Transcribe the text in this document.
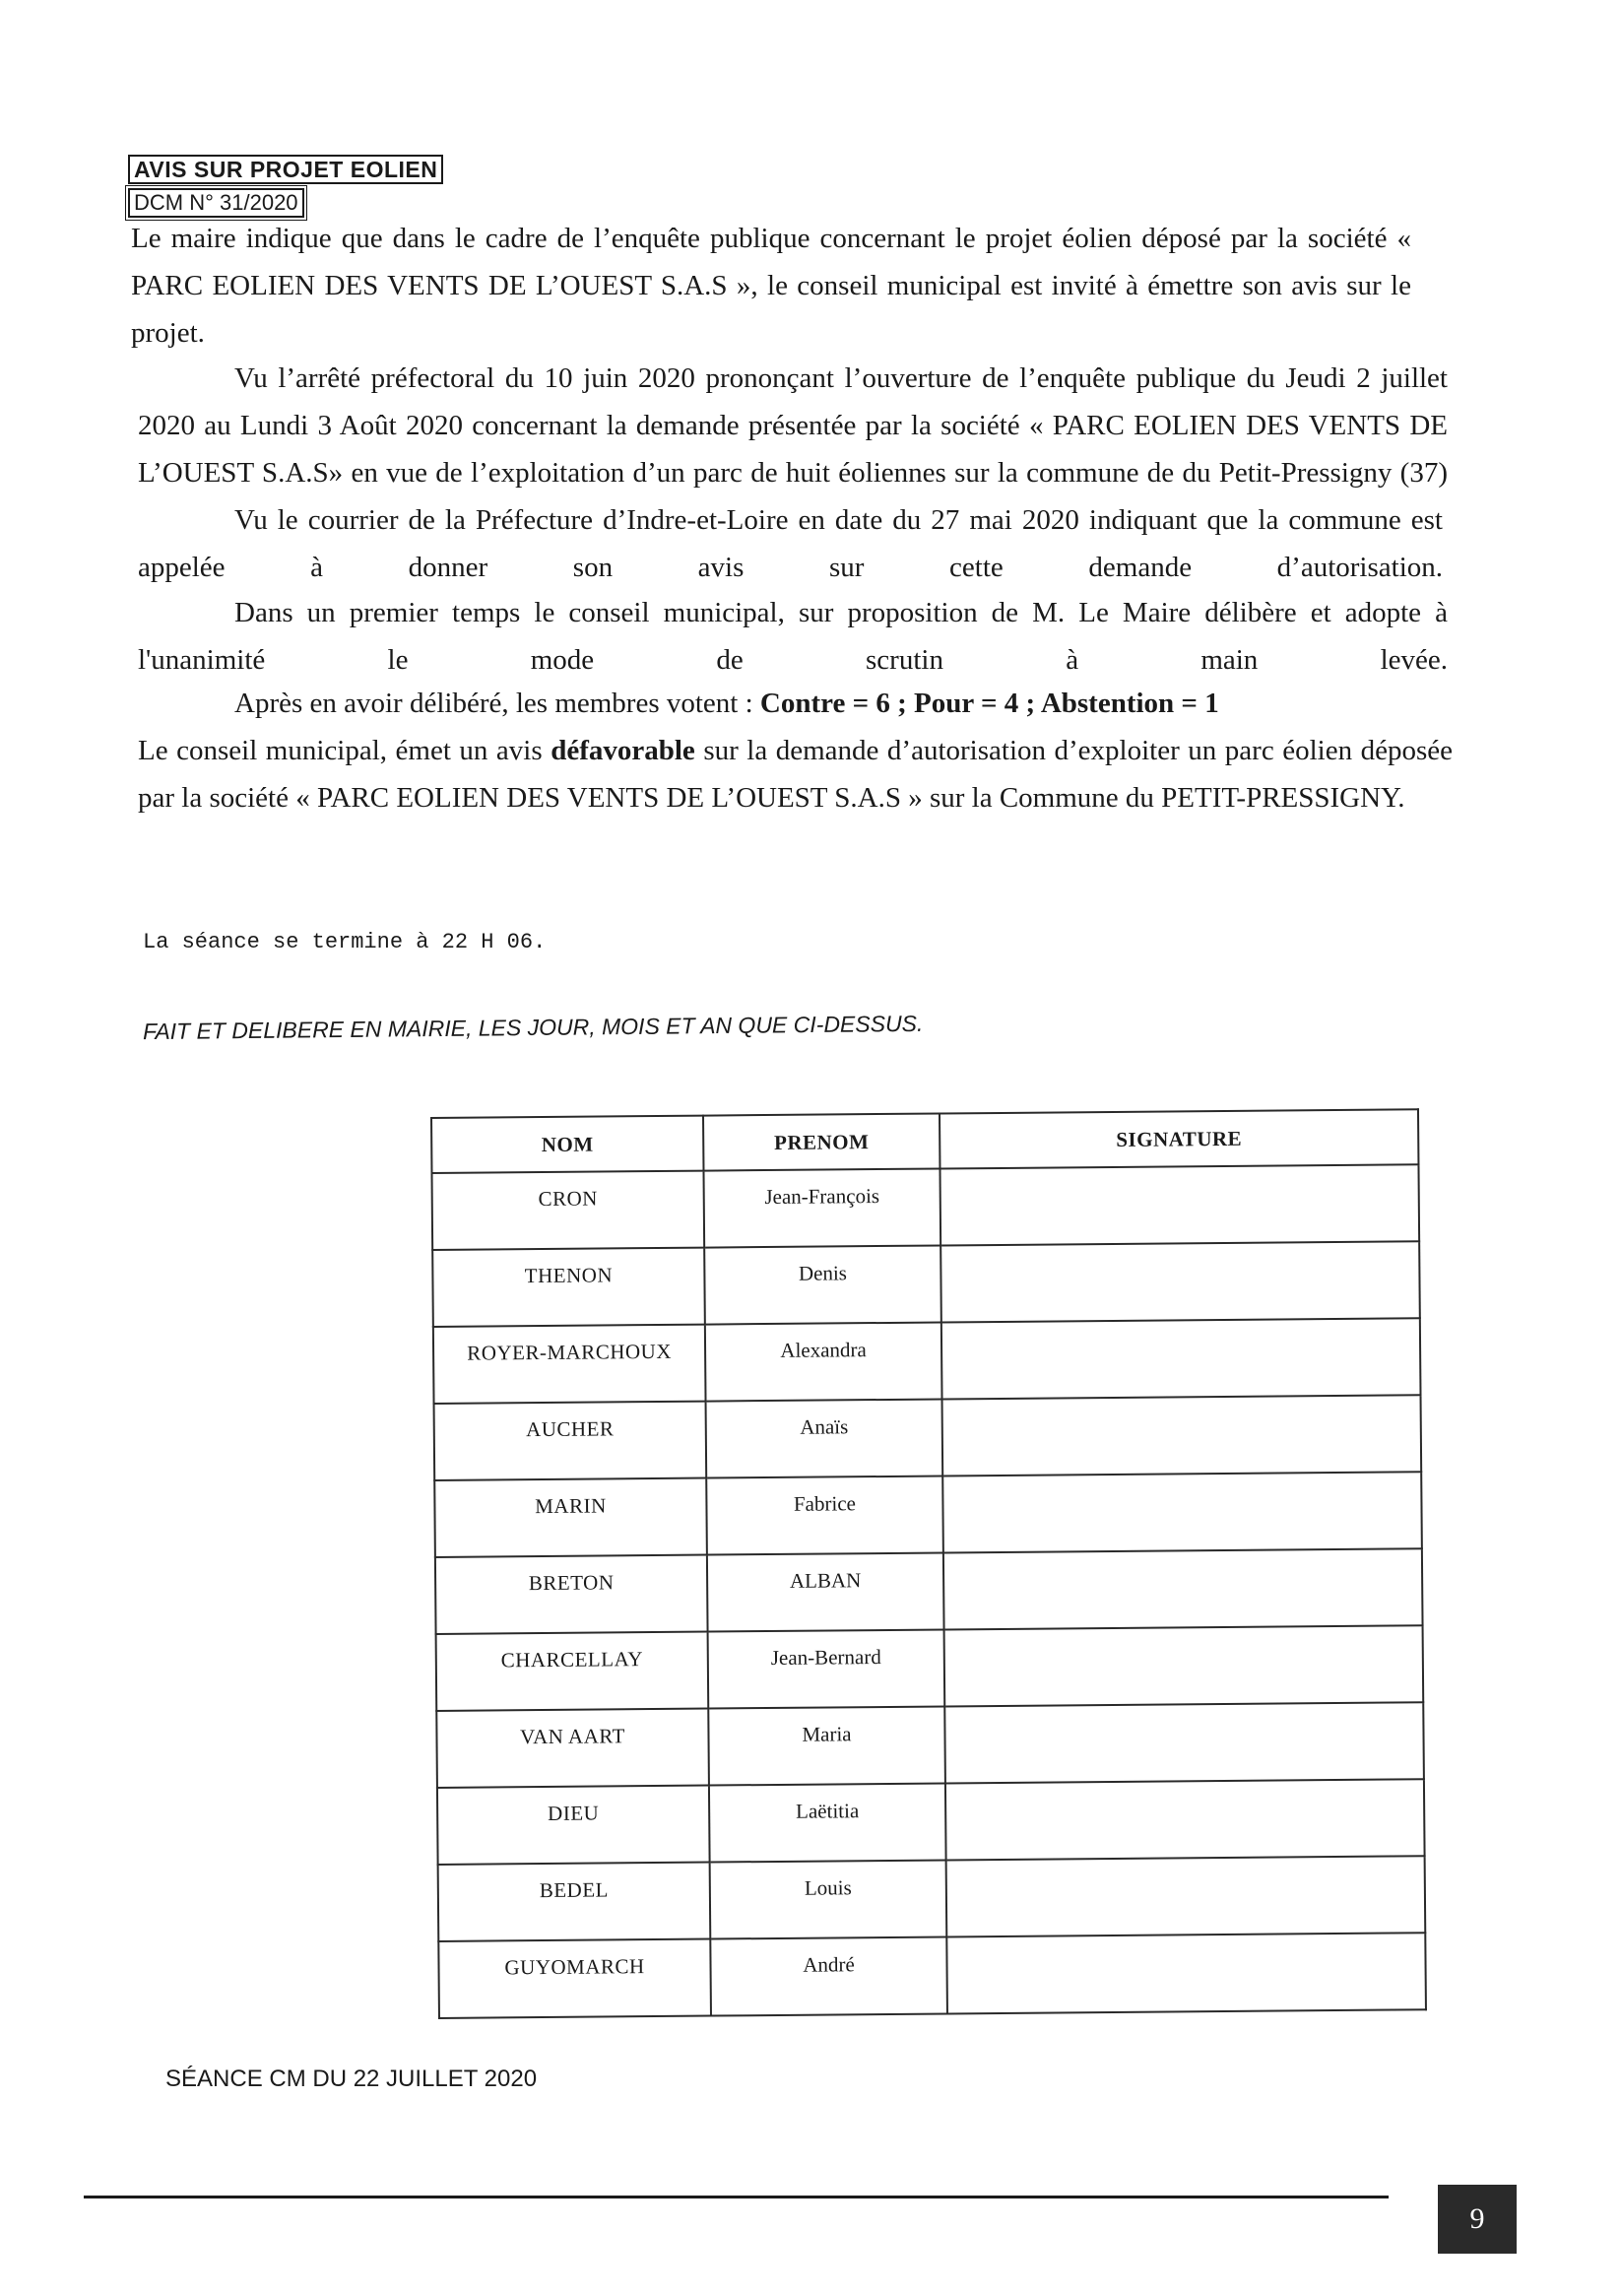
AVIS SUR PROJET EOLIEN
DCM N° 31/2020

Le maire indique que dans le cadre de l’enquête publique concernant le projet éolien déposé par la société « PARC EOLIEN DES VENTS DE L’OUEST S.A.S », le conseil municipal est invité à émettre son avis sur le projet.

Vu l’arrêté préfectoral du 10 juin 2020 prononçant l’ouverture de l’enquête publique du Jeudi 2 juillet 2020 au Lundi 3 Août 2020 concernant la demande présentée par la société « PARC EOLIEN DES VENTS DE L’OUEST S.A.S» en vue de l’exploitation d’un parc de huit éoliennes sur la commune de du Petit-Pressigny (37)

Vu le courrier de la Préfecture d’Indre-et-Loire en date du 27 mai 2020 indiquant que la commune est appelée à donner son avis sur cette demande d’autorisation.

Dans un premier temps le conseil municipal, sur proposition de M. Le Maire délibère et adopte à l'unanimité le mode de scrutin à main levée.

Après en avoir délibéré, les membres votent : Contre = 6 ; Pour = 4 ; Abstention = 1

Le conseil municipal, émet un avis défavorable sur la demande d’autorisation d’exploiter un parc éolien déposée par la société « PARC EOLIEN DES VENTS DE L’OUEST S.A.S » sur la Commune du PETIT-PRESSIGNY.

La séance se termine à 22 H 06.
FAIT ET DELIBERE EN MAIRIE, LES JOUR, MOIS ET AN QUE CI-DESSUS.
NOM	PRENOM	SIGNATURE
CRON	Jean-François	
THENON	Denis	
ROYER-MARCHOUX	Alexandra	
AUCHER	Anaïs	
MARIN	Fabrice	
BRETON	ALBAN	
CHARCELLAY	Jean-Bernard	
VAN AART	Maria	
DIEU	Laëtitia	
BEDEL	Louis	
GUYOMARCH	André	
SÉANCE CM DU 22 JUILLET 2020
9
